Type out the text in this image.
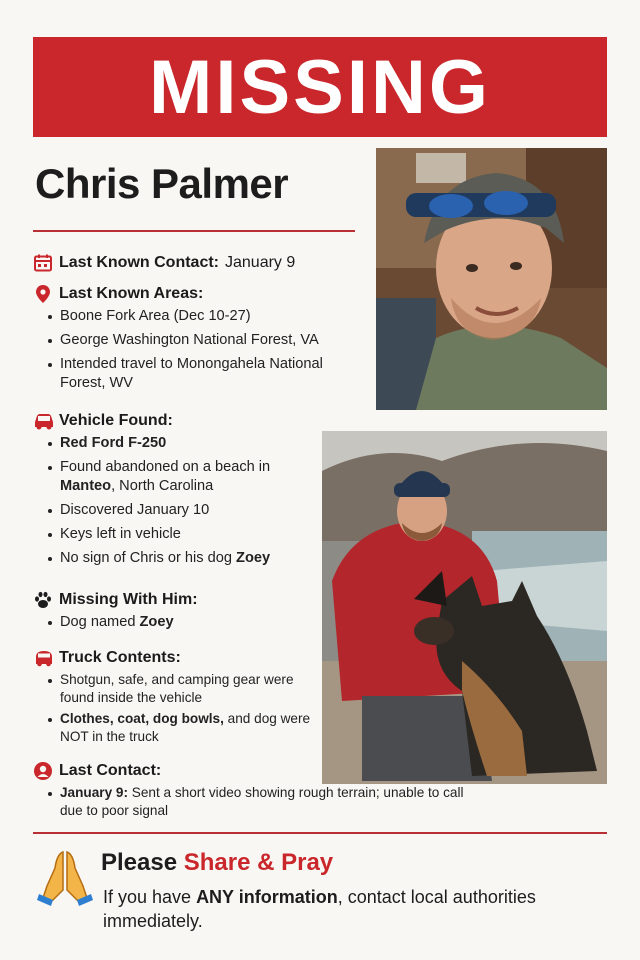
MISSING
Chris Palmer
Last Known Contact: January 9
Last Known Areas:
Boone Fork Area (Dec 10-27)
George Washington National Forest, VA
Intended travel to Monongahela National Forest, WV
Vehicle Found:
Red Ford F-250
Found abandoned on a beach in
Manteo, North Carolina
Discovered January 10
Keys left in vehicle
No sign of Chris or his dog Zoey
Missing With Him:
Dog named Zoey
Truck Contents:
Shotgun, safe, and camping gear were found inside the vehicle
Clothes, coat, dog bowls, and dog were NOT in the truck
Last Contact:
January 9: Sent a short video showing rough terrain; unable to call due to poor signal
Please Share & Pray
If you have ANY information, contact local authorities immediately.
